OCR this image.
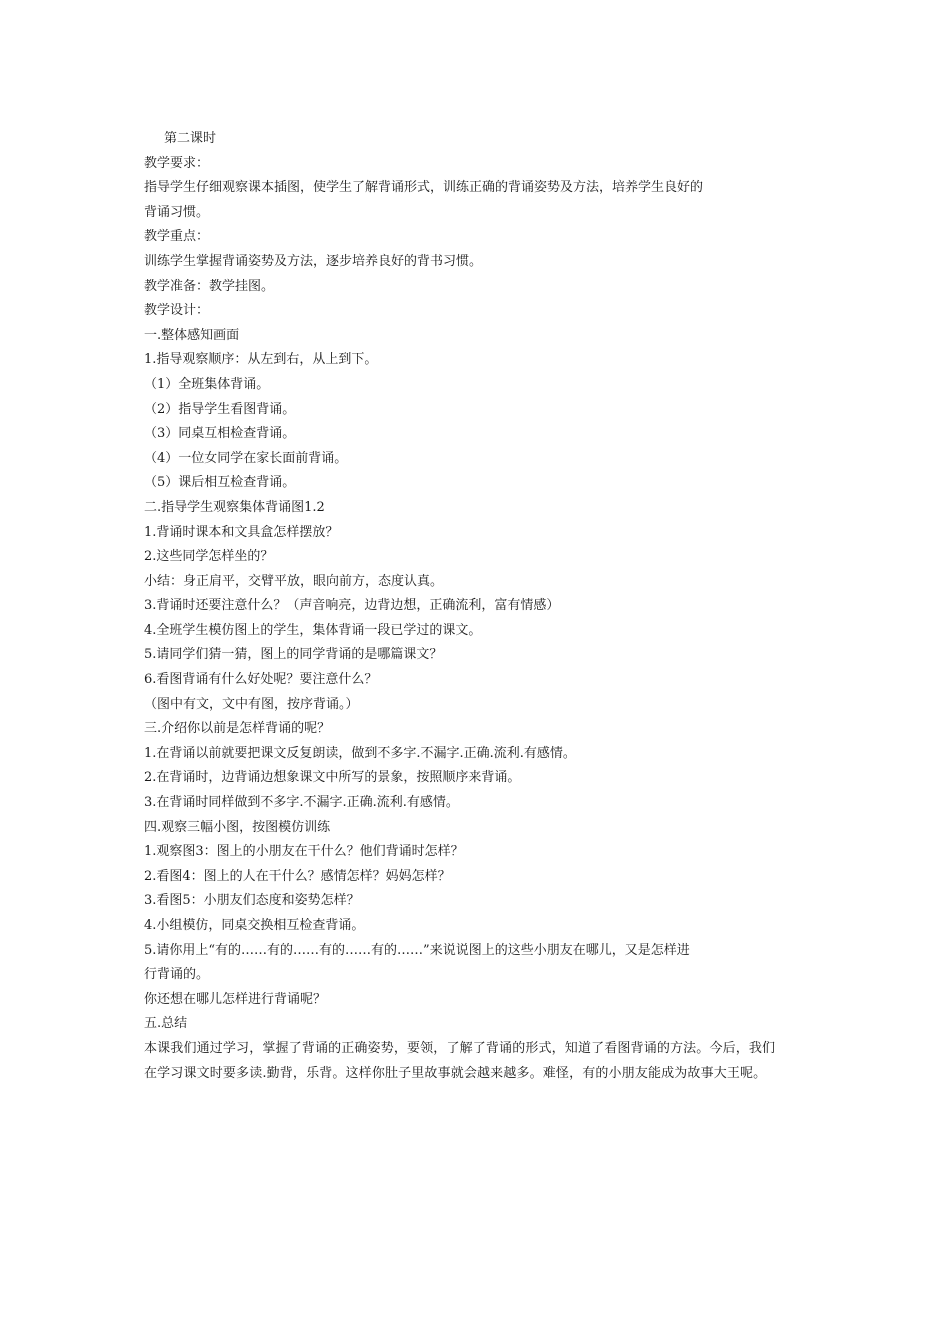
第二课时
教学要求：
指导学生仔细观察课本插图，使学生了解背诵形式，训练正确的背诵姿势及方法，培养学生良好的
背诵习惯。
教学重点：
训练学生掌握背诵姿势及方法，逐步培养良好的背书习惯。
教学准备：教学挂图。
教学设计：
一.整体感知画面
1.指导观察顺序：从左到右，从上到下。
（1）全班集体背诵。
（2）指导学生看图背诵。
（3）同桌互相检查背诵。
（4）一位女同学在家长面前背诵。
（5）课后相互检查背诵。
二.指导学生观察集体背诵图1.2
1.背诵时课本和文具盒怎样摆放？
2.这些同学怎样坐的？
小结：身正肩平，交臂平放，眼向前方，态度认真。
3.背诵时还要注意什么？（声音响亮，边背边想，正确流利，富有情感）
4.全班学生模仿图上的学生，集体背诵一段已学过的课文。
5.请同学们猜一猜，图上的同学背诵的是哪篇课文？
6.看图背诵有什么好处呢？要注意什么？
（图中有文，文中有图，按序背诵。）
三.介绍你以前是怎样背诵的呢？
1.在背诵以前就要把课文反复朗读，做到不多字.不漏字.正确.流利.有感情。
2.在背诵时，边背诵边想象课文中所写的景象，按照顺序来背诵。
3.在背诵时同样做到不多字.不漏字.正确.流利.有感情。
四.观察三幅小图，按图模仿训练
1.观察图3：图上的小朋友在干什么？他们背诵时怎样？
2.看图4：图上的人在干什么？感情怎样？妈妈怎样？
3.看图5：小朋友们态度和姿势怎样？
4.小组模仿，同桌交换相互检查背诵。
5.请你用上“有的……有的……有的……有的……”来说说图上的这些小朋友在哪儿，又是怎样进
行背诵的。
你还想在哪儿怎样进行背诵呢？
五.总结
本课我们通过学习，掌握了背诵的正确姿势，要领，了解了背诵的形式，知道了看图背诵的方法。今后，我们
在学习课文时要多读.勤背，乐背。这样你肚子里故事就会越来越多。难怪，有的小朋友能成为故事大王呢。
